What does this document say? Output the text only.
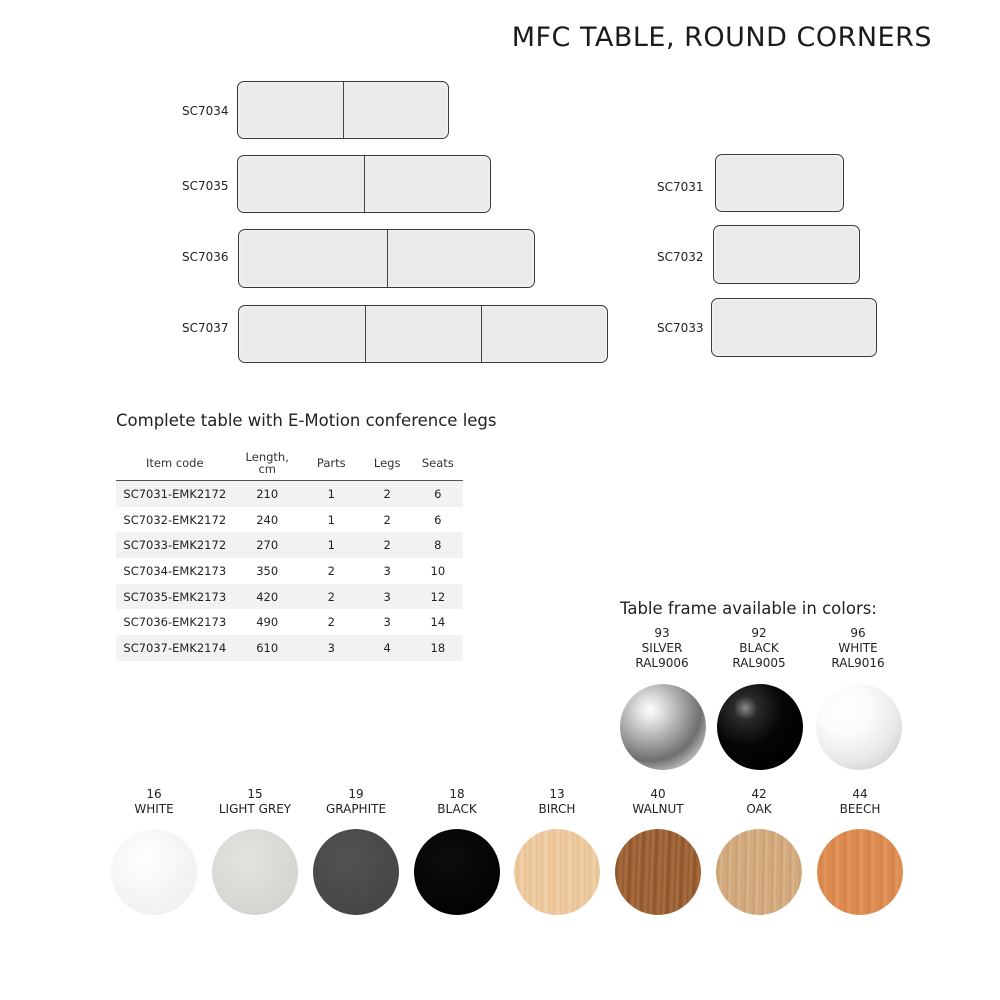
MFC TABLE, ROUND CORNERS
SC7034
SC7035
SC7036
SC7037
SC7031
SC7032
SC7033
Complete table with E-Motion conference legs
Item code	Length, cm	Parts	Legs	Seats
SC7031-EMK2172	210	1	2	6
SC7032-EMK2172	240	1	2	6
SC7033-EMK2172	270	1	2	8
SC7034-EMK2173	350	2	3	10
SC7035-EMK2173	420	2	3	12
SC7036-EMK2173	490	2	3	14
SC7037-EMK2174	610	3	4	18
Table frame available in colors:
93
SILVER
RAL9006
92
BLACK
RAL9005
96
WHITE
RAL9016
16
WHITE
15
LIGHT GREY
19
GRAPHITE
18
BLACK
13
BIRCH
40
WALNUT
42
OAK
44
BEECH
